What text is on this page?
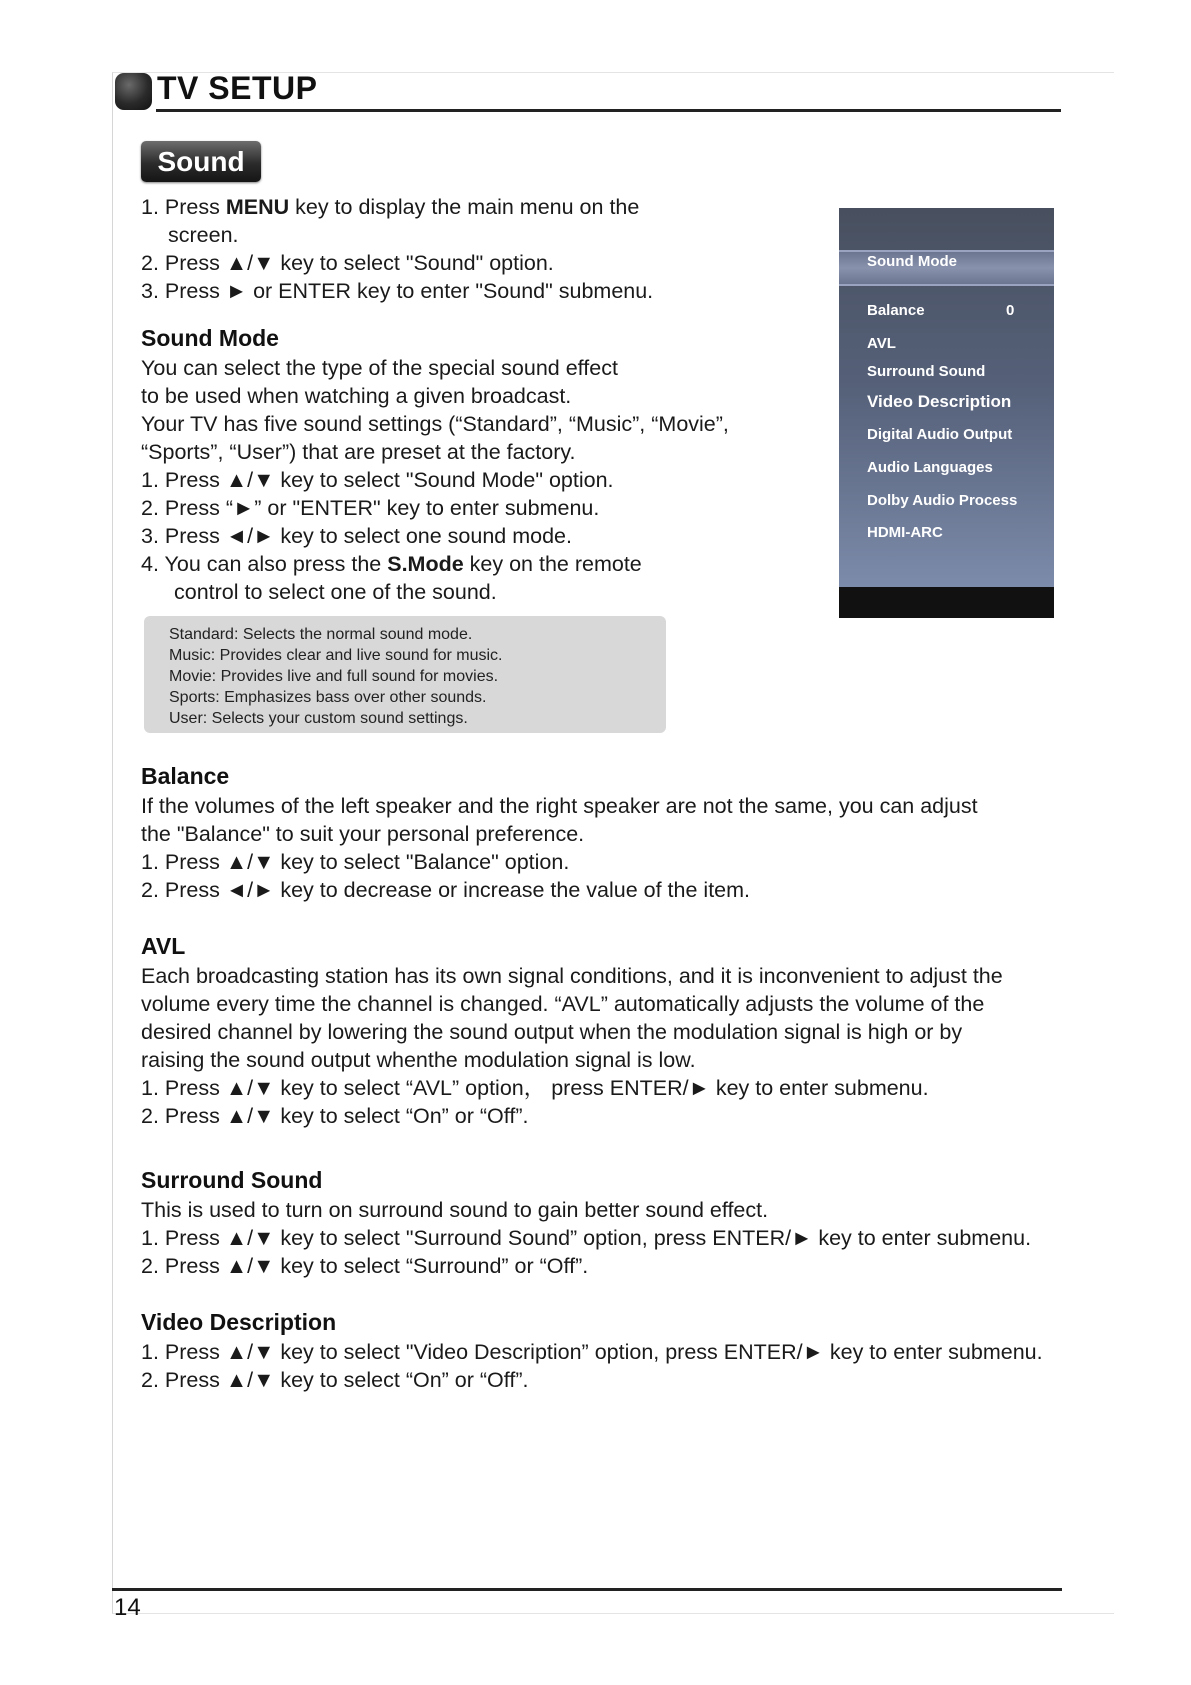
TV SETUP
Sound

1. Press MENU key to display the main menu on the

screen.

2. Press ▲/▼ key to select "Sound" option.

3. Press ► or ENTER key to enter "Sound" submenu.

Sound Mode

You can select the type of the special sound effect

to be used when watching a given broadcast.

Your TV has five sound settings (“Standard”, “Music”, “Movie”,

“Sports”, “User”) that are preset at the factory.

1. Press ▲/▼ key to select "Sound Mode" option.

2. Press “►” or "ENTER" key to enter submenu.

3. Press ◄/► key to select one sound mode.

4. You can also press the S.Mode key on the remote

control to select one of the sound.

Standard: Selects the normal sound mode.

Music: Provides clear and live sound for music.

Movie: Provides live and full sound for movies.

Sports: Emphasizes bass over other sounds.

User: Selects your custom sound settings.

Balance

If the volumes of the left speaker and the right speaker are not the same, you can adjust

the "Balance" to suit your personal preference.

1. Press ▲/▼ key to select "Balance" option.

2. Press ◄/► key to decrease or increase the value of the item.

AVL

Each broadcasting station has its own signal conditions, and it is inconvenient to adjust the

volume every time the channel is changed. “AVL” automatically adjusts the volume of the

desired channel by lowering the sound output when the modulation signal is high or by

raising the sound output whenthe modulation signal is low.

1. Press ▲/▼ key to select “AVL” option， press ENTER/► key to enter submenu.

2. Press ▲/▼ key to select “On” or “Off”.

Surround Sound

This is used to turn on surround sound to gain better sound effect.

1. Press ▲/▼ key to select "Surround Sound” option, press ENTER/► key to enter submenu.

2. Press ▲/▼ key to select “Surround” or “Off”.

Video Description

1. Press ▲/▼ key to select "Video Description” option, press ENTER/► key to enter submenu.

2. Press ▲/▼ key to select “On” or “Off”.

Sound Mode
Balance	0
AVL
Surround Sound
Video Description
Digital Audio Output
Audio Languages
Dolby Audio Process
HDMI-ARC
14
